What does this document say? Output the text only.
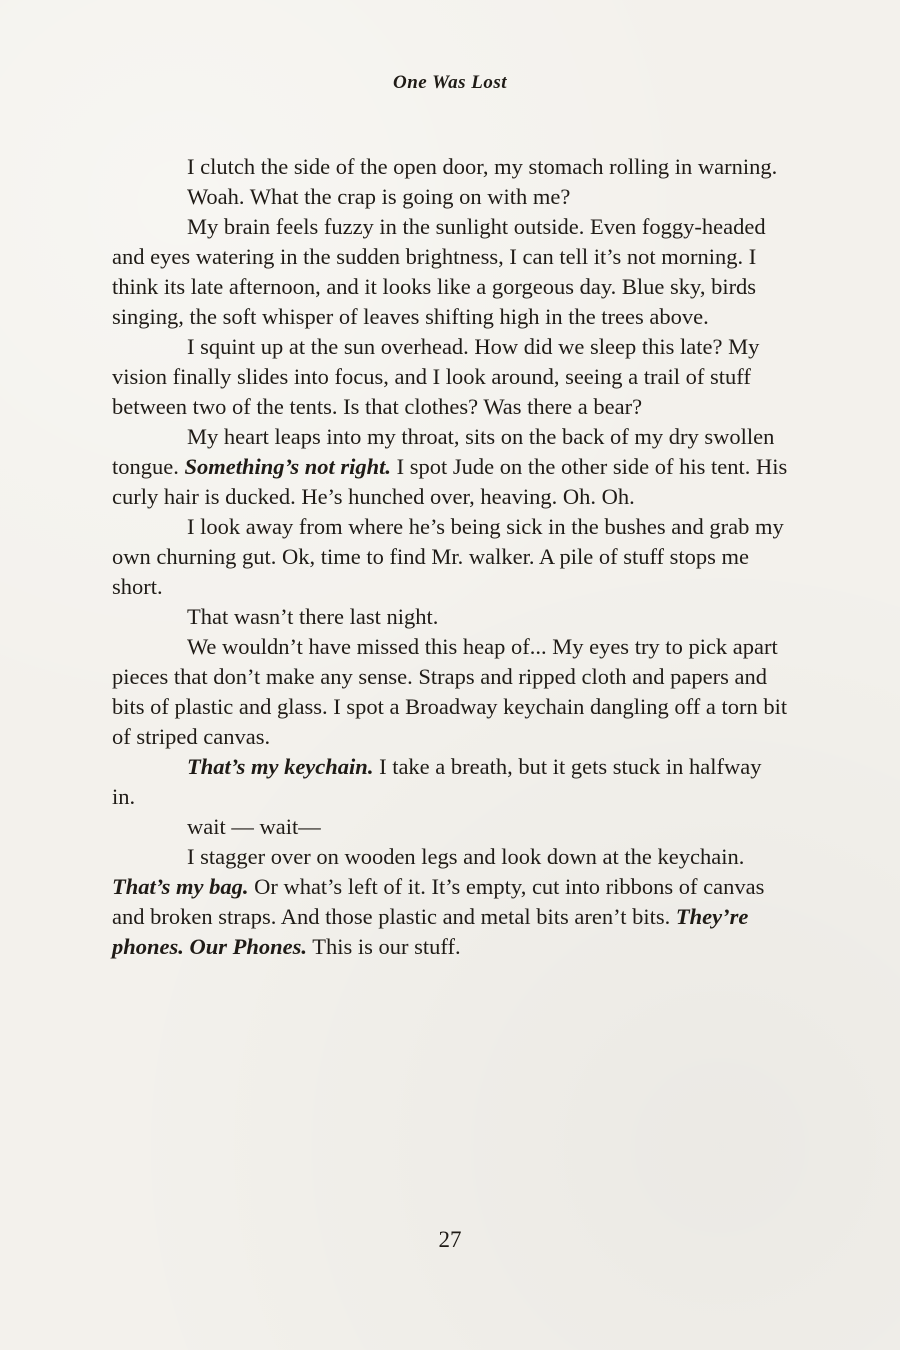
One Was Lost

I clutch the side of the open door, my stomach rolling in warning.

Woah. What the crap is going on with me?

My brain feels fuzzy in the sunlight outside. Even foggy-headed and eyes watering in the sudden brightness, I can tell it’s not morning. I think its late afternoon, and it looks like a gorgeous day. Blue sky, birds singing, the soft whisper of leaves shifting high in the trees above.

I squint up at the sun overhead. How did we sleep this late? My vision finally slides into focus, and I look around, seeing a trail of stuff between two of the tents. Is that clothes? Was there a bear?

My heart leaps into my throat, sits on the back of my dry swollen tongue. Something’s not right. I spot Jude on the other side of his tent. His curly hair is ducked. He’s hunched over, heaving. Oh. Oh.

I look away from where he’s being sick in the bushes and grab my own churning gut. Ok, time to find Mr. walker. A pile of stuff stops me short.

That wasn’t there last night.

We wouldn’t have missed this heap of... My eyes try to pick apart pieces that don’t make any sense. Straps and ripped cloth and papers and bits of plastic and glass. I spot a Broadway keychain dangling off a torn bit of striped canvas.

That’s my keychain. I take a breath, but it gets stuck in halfway in.

wait — wait—

I stagger over on wooden legs and look down at the keychain. That’s my bag. Or what’s left of it. It’s empty, cut into ribbons of canvas and broken straps. And those plastic and metal bits aren’t bits. They’re phones. Our Phones. This is our stuff.

27
